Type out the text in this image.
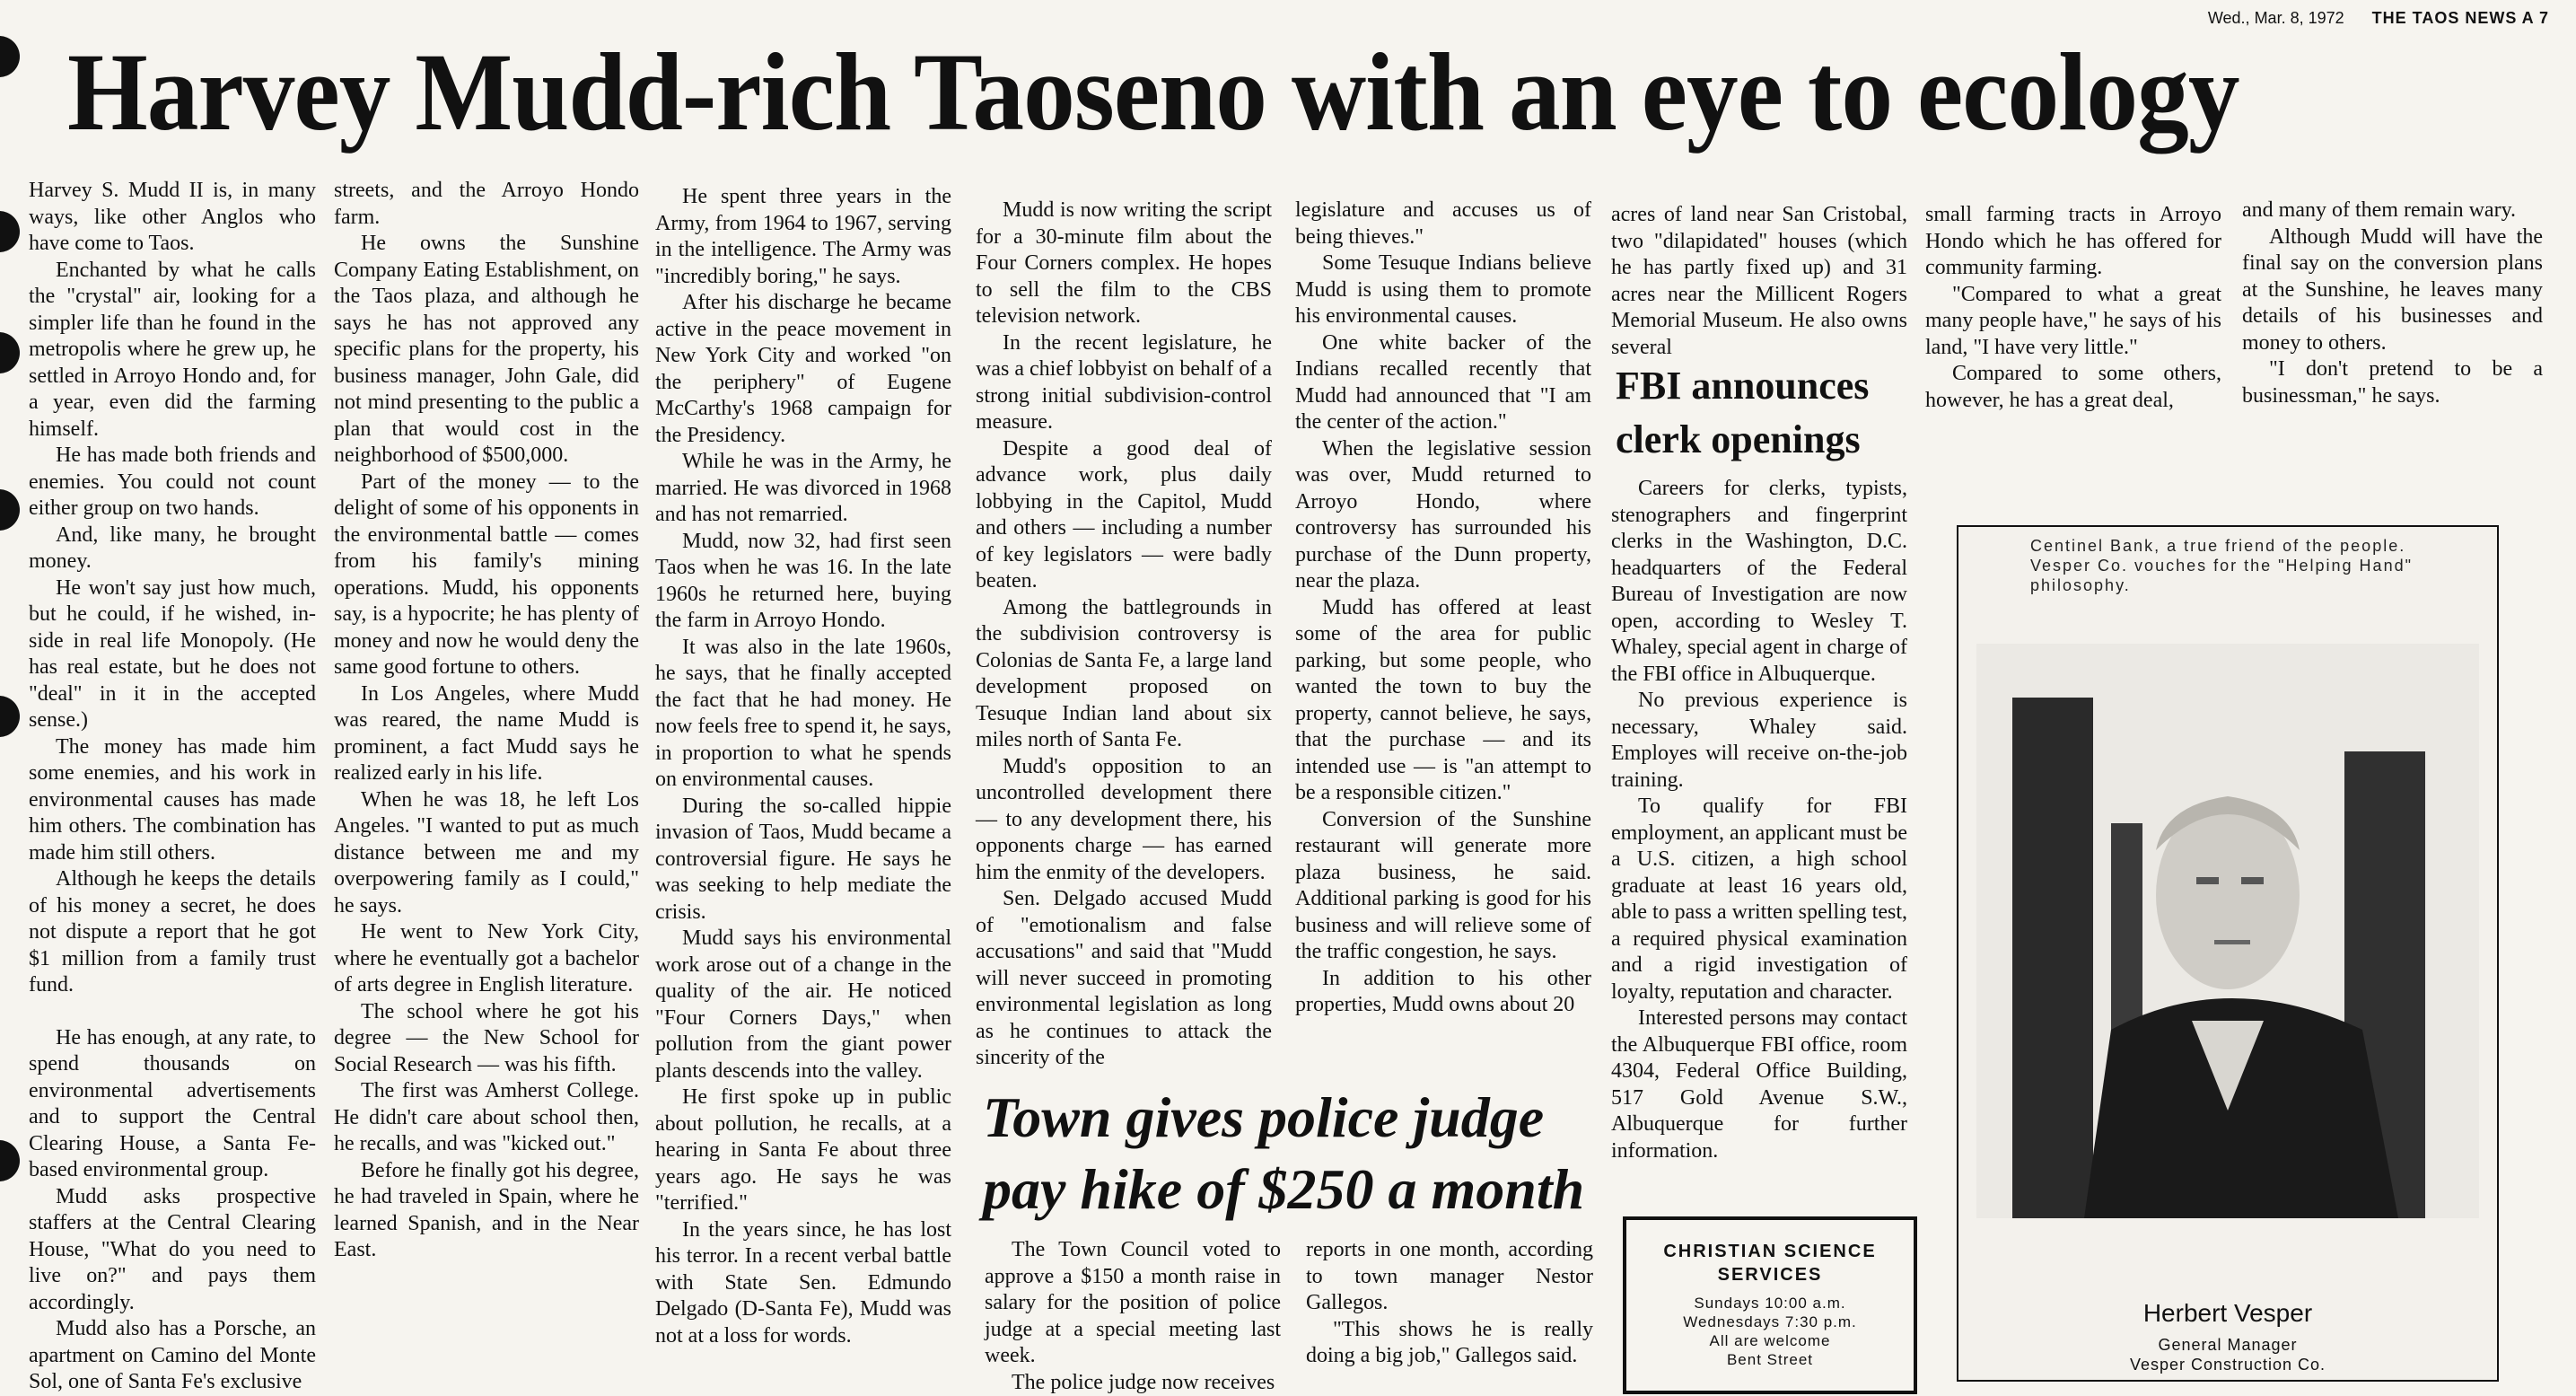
Wed., Mar. 8, 1972 THE TAOS NEWS A 7
Harvey Mudd-rich Taoseno with an eye to ecology

Harvey S. Mudd II is, in many ways, like other Anglos who have come to Taos.

Enchanted by what he calls the "crystal" air, looking for a simpler life than he found in the metropolis where he grew up, he settled in Arroyo Hondo and, for a year, even did the farming himself.

He has made both friends and enemies. You could not count either group on two hands.

And, like many, he brought money.

He won't say just how much, but he could, if he wished, in-side in real life Monopoly. (He has real estate, but he does not "deal" in it in the accepted sense.)

The money has made him some enemies, and his work in environmental causes has made him others. The combination has made him still others.

Although he keeps the details of his money a secret, he does not dispute a report that he got $1 million from a family trust fund.

He has enough, at any rate, to spend thousands on environmental advertisements and to support the Central Clearing House, a Santa Fe-based environmental group.

Mudd asks prospective staffers at the Central Clearing House, "What do you need to live on?" and pays them accordingly.

Mudd also has a Porsche, an apartment on Camino del Monte Sol, one of Santa Fe's exclusive

streets, and the Arroyo Hondo farm.

He owns the Sunshine Company Eating Establishment, on the Taos plaza, and although he says he has not approved any specific plans for the property, his business manager, John Gale, did not mind presenting to the public a plan that would cost in the neighborhood of $500,000.

Part of the money — to the delight of some of his opponents in the environmental battle — comes from his family's mining operations. Mudd, his opponents say, is a hypocrite; he has plenty of money and now he would deny the same good fortune to others.

In Los Angeles, where Mudd was reared, the name Mudd is prominent, a fact Mudd says he realized early in his life.

When he was 18, he left Los Angeles. "I wanted to put as much distance between me and my overpowering family as I could," he says.

He went to New York City, where he eventually got a bachelor of arts degree in English literature.

The school where he got his degree — the New School for Social Research — was his fifth.

The first was Amherst College. He didn't care about school then, he recalls, and was "kicked out."

Before he finally got his degree, he had traveled in Spain, where he learned Spanish, and in the Near East.

He spent three years in the Army, from 1964 to 1967, serving in the intelligence. The Army was "incredibly boring," he says.

After his discharge he became active in the peace movement in New York City and worked "on the periphery" of Eugene McCarthy's 1968 campaign for the Presidency.

While he was in the Army, he married. He was divorced in 1968 and has not remarried.

Mudd, now 32, had first seen Taos when he was 16. In the late 1960s he returned here, buying the farm in Arroyo Hondo.

It was also in the late 1960s, he says, that he finally accepted the fact that he had money. He now feels free to spend it, he says, in proportion to what he spends on environmental causes.

During the so-called hippie invasion of Taos, Mudd became a controversial figure. He says he was seeking to help mediate the crisis.

Mudd says his environmental work arose out of a change in the quality of the air. He noticed "Four Corners Days," when pollution from the giant power plants descends into the valley.

He first spoke up in public about pollution, he recalls, at a hearing in Santa Fe about three years ago. He says he was "terrified."

In the years since, he has lost his terror. In a recent verbal battle with State Sen. Edmundo Delgado (D-Santa Fe), Mudd was not at a loss for words.

Mudd is now writing the script for a 30-minute film about the Four Corners complex. He hopes to sell the film to the CBS television network.

In the recent legislature, he was a chief lobbyist on behalf of a strong initial subdivision-control measure.

Despite a good deal of advance work, plus daily lobbying in the Capitol, Mudd and others — including a number of key legislators — were badly beaten.

Among the battlegrounds in the subdivision controversy is Colonias de Santa Fe, a large land development proposed on Tesuque Indian land about six miles north of Santa Fe.

Mudd's opposition to an uncontrolled development there — to any development there, his opponents charge — has earned him the enmity of the developers.

Sen. Delgado accused Mudd of "emotionalism and false accusations" and said that "Mudd will never succeed in promoting environmental legislation as long as he continues to attack the sincerity of the

legislature and accuses us of being thieves."

Some Tesuque Indians believe Mudd is using them to promote his environmental causes.

One white backer of the Indians recalled recently that Mudd had announced that "I am the center of the action."

When the legislative session was over, Mudd returned to Arroyo Hondo, where controversy has surrounded his purchase of the Dunn property, near the plaza.

Mudd has offered at least some of the area for public parking, but some people, who wanted the town to buy the property, cannot believe, he says, that the purchase — and its intended use — is "an attempt to be a responsible citizen."

Conversion of the Sunshine restaurant will generate more plaza business, he said. Additional parking is good for his business and will relieve some of the traffic congestion, he says.

In addition to his other properties, Mudd owns about 20

acres of land near San Cristobal, two "dilapidated" houses (which he has partly fixed up) and 31 acres near the Millicent Rogers Memorial Museum. He also owns several

small farming tracts in Arroyo Hondo which he has offered for community farming.

"Compared to what a great many people have," he says of his land, "I have very little."

Compared to some others, however, he has a great deal,

and many of them remain wary.

Although Mudd will have the final say on the conversion plans at the Sunshine, he leaves many details of his businesses and money to others.

"I don't pretend to be a businessman," he says.

Town gives police judge
pay hike of $250 a month

The Town Council voted to approve a $150 a month raise in salary for the position of police judge at a special meeting last week.

The police judge now receives

reports in one month, according to town manager Nestor Gallegos.

"This shows he is really doing a big job," Gallegos said.

FBI announces
clerk openings

Careers for clerks, typists, stenographers and fingerprint clerks in the Washington, D.C. headquarters of the Federal Bureau of Investigation are now open, according to Wesley T. Whaley, special agent in charge of the FBI office in Albuquerque.

No previous experience is necessary, Whaley said. Employes will receive on-the-job training.

To qualify for FBI employment, an applicant must be a U.S. citizen, a high school graduate at least 16 years old, able to pass a written spelling test, a required physical examination and a rigid investigation of loyalty, reputation and character.

Interested persons may contact the Albuquerque FBI office, room 4304, Federal Office Building, 517 Gold Avenue S.W., Albuquerque for further information.

Centinel Bank, a true friend of the people. Vesper Co. vouches for the "Helping Hand" philosophy.
Herbert Vesper
General Manager
Vesper Construction Co.
CHRISTIAN SCIENCE
SERVICES
Sundays 10:00 a.m.
Wednesdays 7:30 p.m.
All are welcome
Bent Street
